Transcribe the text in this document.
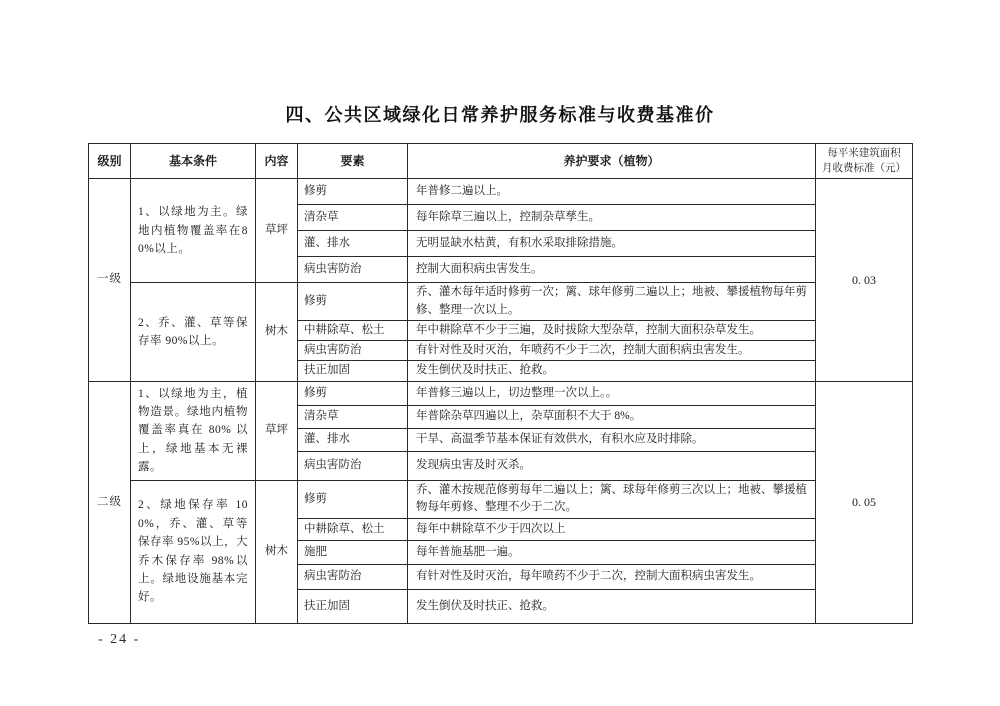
四、公共区域绿化日常养护服务标准与收费基准价
级别	基本条件	内容	要素	养护要求（植物）	每平米建筑面积
月收费标准（元）

一级	1、以绿地为主。绿地内植物覆盖率在80%以上。	草坪	修剪	年普修二遍以上。	0. 03
			清杂草	每年除草三遍以上，控制杂草孳生。	
			灌、排水	无明显缺水枯黄，有积水采取排除措施。	
			病虫害防治	控制大面积病虫害发生。	
	2、乔、灌、草等保存率 90%以上。	树木	修剪	乔、灌木每年适时修剪一次；篱、球年修剪二遍以上；地被、攀援植物每年剪修、整理一次以上。	
			中耕除草、松土	年中耕除草不少于三遍，及时拔除大型杂草，控制大面积杂草发生。	
			病虫害防治	有针对性及时灭治，年喷药不少于二次，控制大面积病虫害发生。	
			扶正加固	发生倒伏及时扶正、抢救。	
二级	1、以绿地为主，植物造景。绿地内植物覆盖率真在 80% 以上，绿地基本无裸露。	草坪	修剪	年普修三遍以上，切边整理一次以上。。	0. 05
			清杂草	年普除杂草四遍以上，杂草面积不大于 8%。	
			灌、排水	干旱、高温季节基本保证有效供水，有积水应及时排除。	
			病虫害防治	发现病虫害及时灭杀。	
	2、绿地保存率 100%，乔、灌、草等保存率 95%以上，大乔木保存率 98%以上。绿地设施基本完好。	树木	修剪	乔、灌木按规范修剪每年二遍以上；篱、球每年修剪三次以上；地被、攀援植物每年剪修、整理不少于二次。	
			中耕除草、松土	每年中耕除草不少于四次以上	
			施肥	每年普施基肥一遍。	
			病虫害防治	有针对性及时灭治，每年喷药不少于二次，控制大面积病虫害发生。	
			扶正加固	发生倒伏及时扶正、抢救。	
- 24 -
